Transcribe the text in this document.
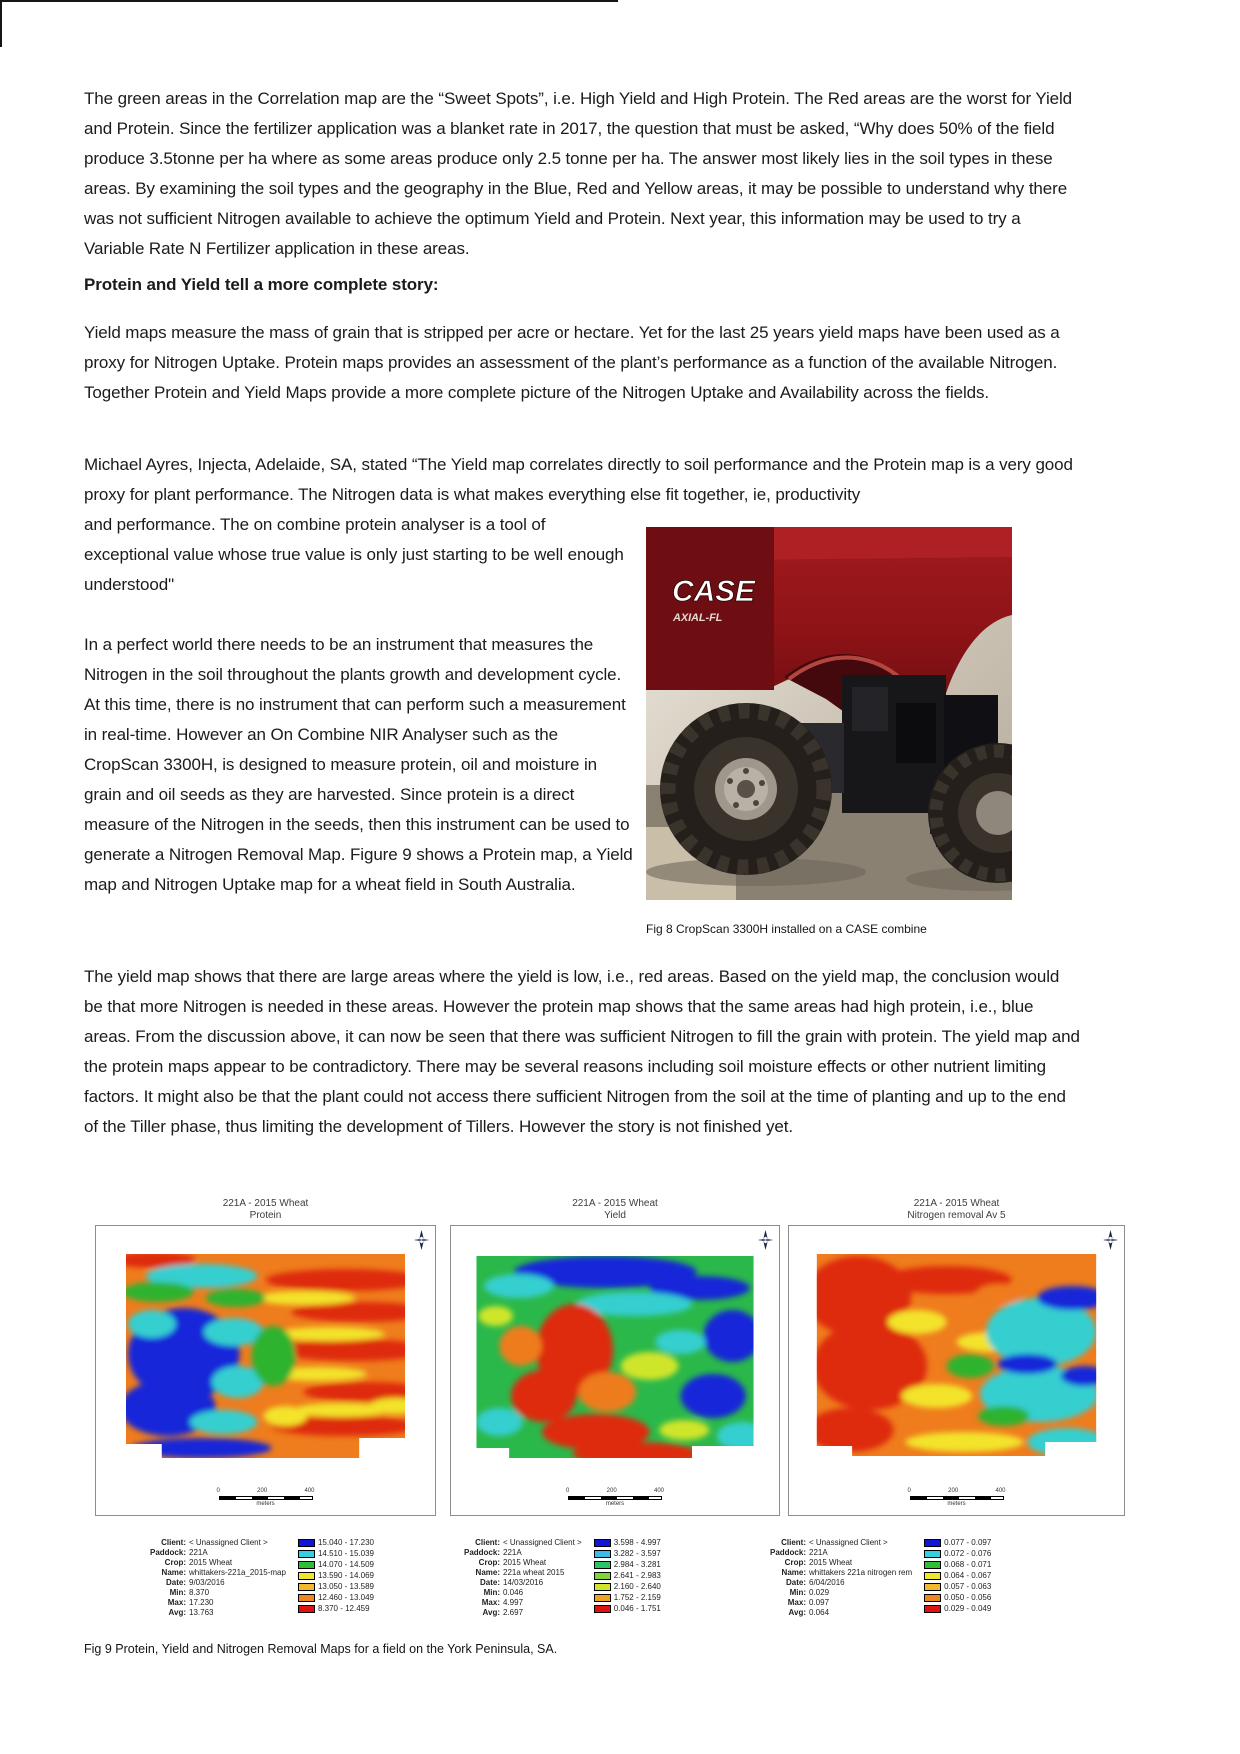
The green areas in the Correlation map are the “Sweet Spots”, i.e. High Yield and High Protein. The Red areas are the worst for Yield and Protein. Since the fertilizer application was a blanket rate in 2017, the question that must be asked, “Why does 50% of the field produce 3.5tonne per ha where as some areas produce only 2.5 tonne per ha. The answer most likely lies in the soil types in these areas. By examining the soil types and the geography in the Blue, Red and Yellow areas, it may be possible to understand why there was not sufficient Nitrogen available to achieve the optimum Yield and Protein. Next year, this information may be used to try a Variable Rate N Fertilizer application in these areas.
Protein and Yield tell a more complete story:
Yield maps measure the mass of grain that is stripped per acre or hectare. Yet for the last 25 years yield maps have been used as a proxy for Nitrogen Uptake. Protein maps provides an assessment of the plant’s performance as a function of the available Nitrogen. Together Protein and Yield Maps provide a more complete picture of the Nitrogen Uptake and Availability across the fields.
Michael Ayres, Injecta, Adelaide, SA, stated “The Yield map correlates directly to soil performance and the Protein map is a very good proxy for plant performance. The Nitrogen data is what makes everything else fit together, ie, productivity
CASE
AXIAL-FL
Fig 8 CropScan 3300H installed on a CASE combine
and performance. The on combine protein analyser is a tool of exceptional value whose true value is only just starting to be well enough understood"
In a perfect world there needs to be an instrument that measures the Nitrogen in the soil throughout the plants growth and development cycle. At this time, there is no instrument that can perform such a measurement in real-time. However an On Combine NIR Analyser such as the CropScan 3300H, is designed to measure protein, oil and moisture in grain and oil seeds as they are harvested. Since protein is a direct measure of the Nitrogen in the seeds, then this instrument can be used to generate a Nitrogen Removal Map. Figure 9 shows a Protein map, a Yield map and Nitrogen Uptake map for a wheat field in South Australia.
The yield map shows that there are large areas where the yield is low, i.e., red areas. Based on the yield map, the conclusion would be that more Nitrogen is needed in these areas. However the protein map shows that the same areas had high protein, i.e., blue areas. From the discussion above, it can now be seen that there was sufficient Nitrogen to fill the grain with protein. The yield map and the protein maps appear to be contradictory. There may be several reasons including soil moisture effects or other nutrient limiting factors. It might also be that the plant could not access there sufficient Nitrogen from the soil at the time of planting and up to the end of the Tiller phase, thus limiting the development of Tillers. However the story is not finished yet.
221A - 2015 Wheat
Protein
0	200	400
meters
221A - 2015 Wheat
Yield
0	200	400
meters
221A - 2015 Wheat
Nitrogen removal Av 5
0	200	400
meters
Client: < Unassigned Client >
Paddock: 221A
Crop: 2015 Wheat
Name: whittakers-221a_2015-map
Date: 9/03/2016
Min: 8.370
Max: 17.230
Avg: 13.763
15.040 - 17.230
14.510 - 15.039
14.070 - 14.509
13.590 - 14.069
13.050 - 13.589
12.460 - 13.049
8.370 - 12.459
Client: < Unassigned Client >
Paddock: 221A
Crop: 2015 Wheat
Name: 221a wheat 2015
Date: 14/03/2016
Min: 0.046
Max: 4.997
Avg: 2.697
3.598 - 4.997
3.282 - 3.597
2.984 - 3.281
2.641 - 2.983
2.160 - 2.640
1.752 - 2.159
0.046 - 1.751
Client: < Unassigned Client >
Paddock: 221A
Crop: 2015 Wheat
Name: whittakers 221a nitrogen rem
Date: 6/04/2016
Min: 0.029
Max: 0.097
Avg: 0.064
0.077 - 0.097
0.072 - 0.076
0.068 - 0.071
0.064 - 0.067
0.057 - 0.063
0.050 - 0.056
0.029 - 0.049
Fig 9 Protein, Yield and Nitrogen Removal Maps for a field on the York Peninsula, SA.
